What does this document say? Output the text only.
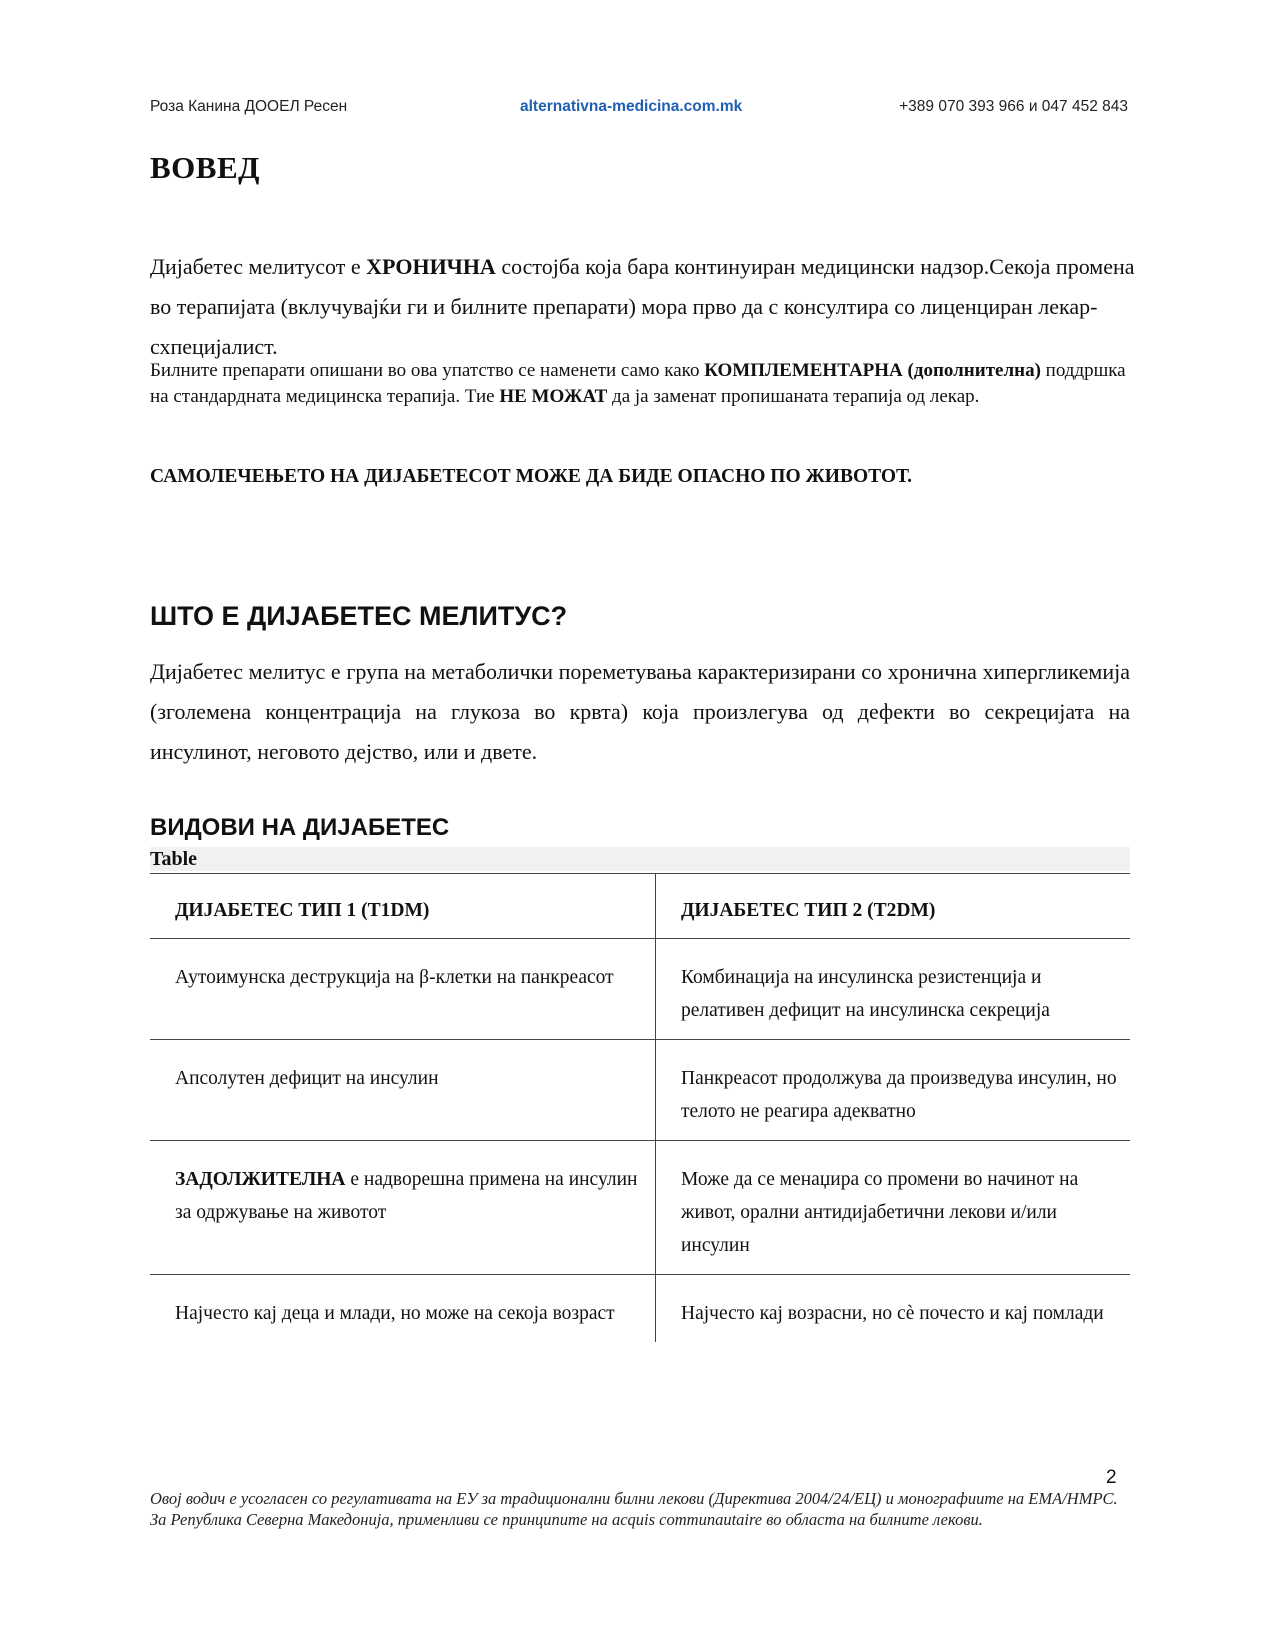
Роза Канина ДООЕЛ Ресен	alternativna-medicina.com.mk	+389 070 393 966 и 047 452 843
ВОВЕД

Дијабетес мелитусот е ХРОНИЧНА состојба која бара континуиран медицински надзор.Секоја промена во терапијата (вклучувајќи ги и билните препарати) мора прво да с консултира со лиценциран лекар-схпецијалист.

Билните препарати опишани во ова упатство се наменети само како КОМПЛЕМЕНТАРНА (дополнителна) поддршка на стандардната медицинска терапија. Тие НЕ МОЖАТ да ја заменат пропишаната терапија од лекар.

САМОЛЕЧЕЊЕТО НА ДИЈАБЕТЕСОТ МОЖЕ ДА БИДЕ ОПАСНО ПО ЖИВОТОТ.

ШТО Е ДИЈАБЕТЕС МЕЛИТУС?

Дијабетес мелитус е група на метаболички пореметувања карактеризирани со хронична хипергликемија (зголемена концентрација на глукоза во крвта) која произлегува од дефекти во секрецијата на инсулинот, неговото дејство, или и двете.

ВИДОВИ НА ДИЈАБЕТЕС

Table

ДИЈАБЕТЕС ТИП 1 (T1DM)	ДИЈАБЕТЕС ТИП 2 (T2DM)
Аутоимунска деструкција на β-клетки на панкреасот	Комбинација на инсулинска резистенција и релативен дефицит на инсулинска секреција
Апсолутен дефицит на инсулин	Панкреасот продолжува да произведува инсулин, но телото не реагира адекватно
ЗАДОЛЖИТЕЛНА е надворешна примена на инсулин за одржување на животот	Може да се менаџира со промени во начинот на живот, орални антидијабетични лекови и/или инсулин
Најчесто кај деца и млади, но може на секоја возраст	Најчесто кај возрасни, но сѐ почесто и кај помлади
2

Овој водич е усогласен со регулативата на ЕУ за традиционални билни лекови (Директива 2004/24/ЕЦ) и монографиите на ЕМА/HMPC. За Република Северна Македонија, применливи се принципите на acquis communautaire во областа на билните лекови.
